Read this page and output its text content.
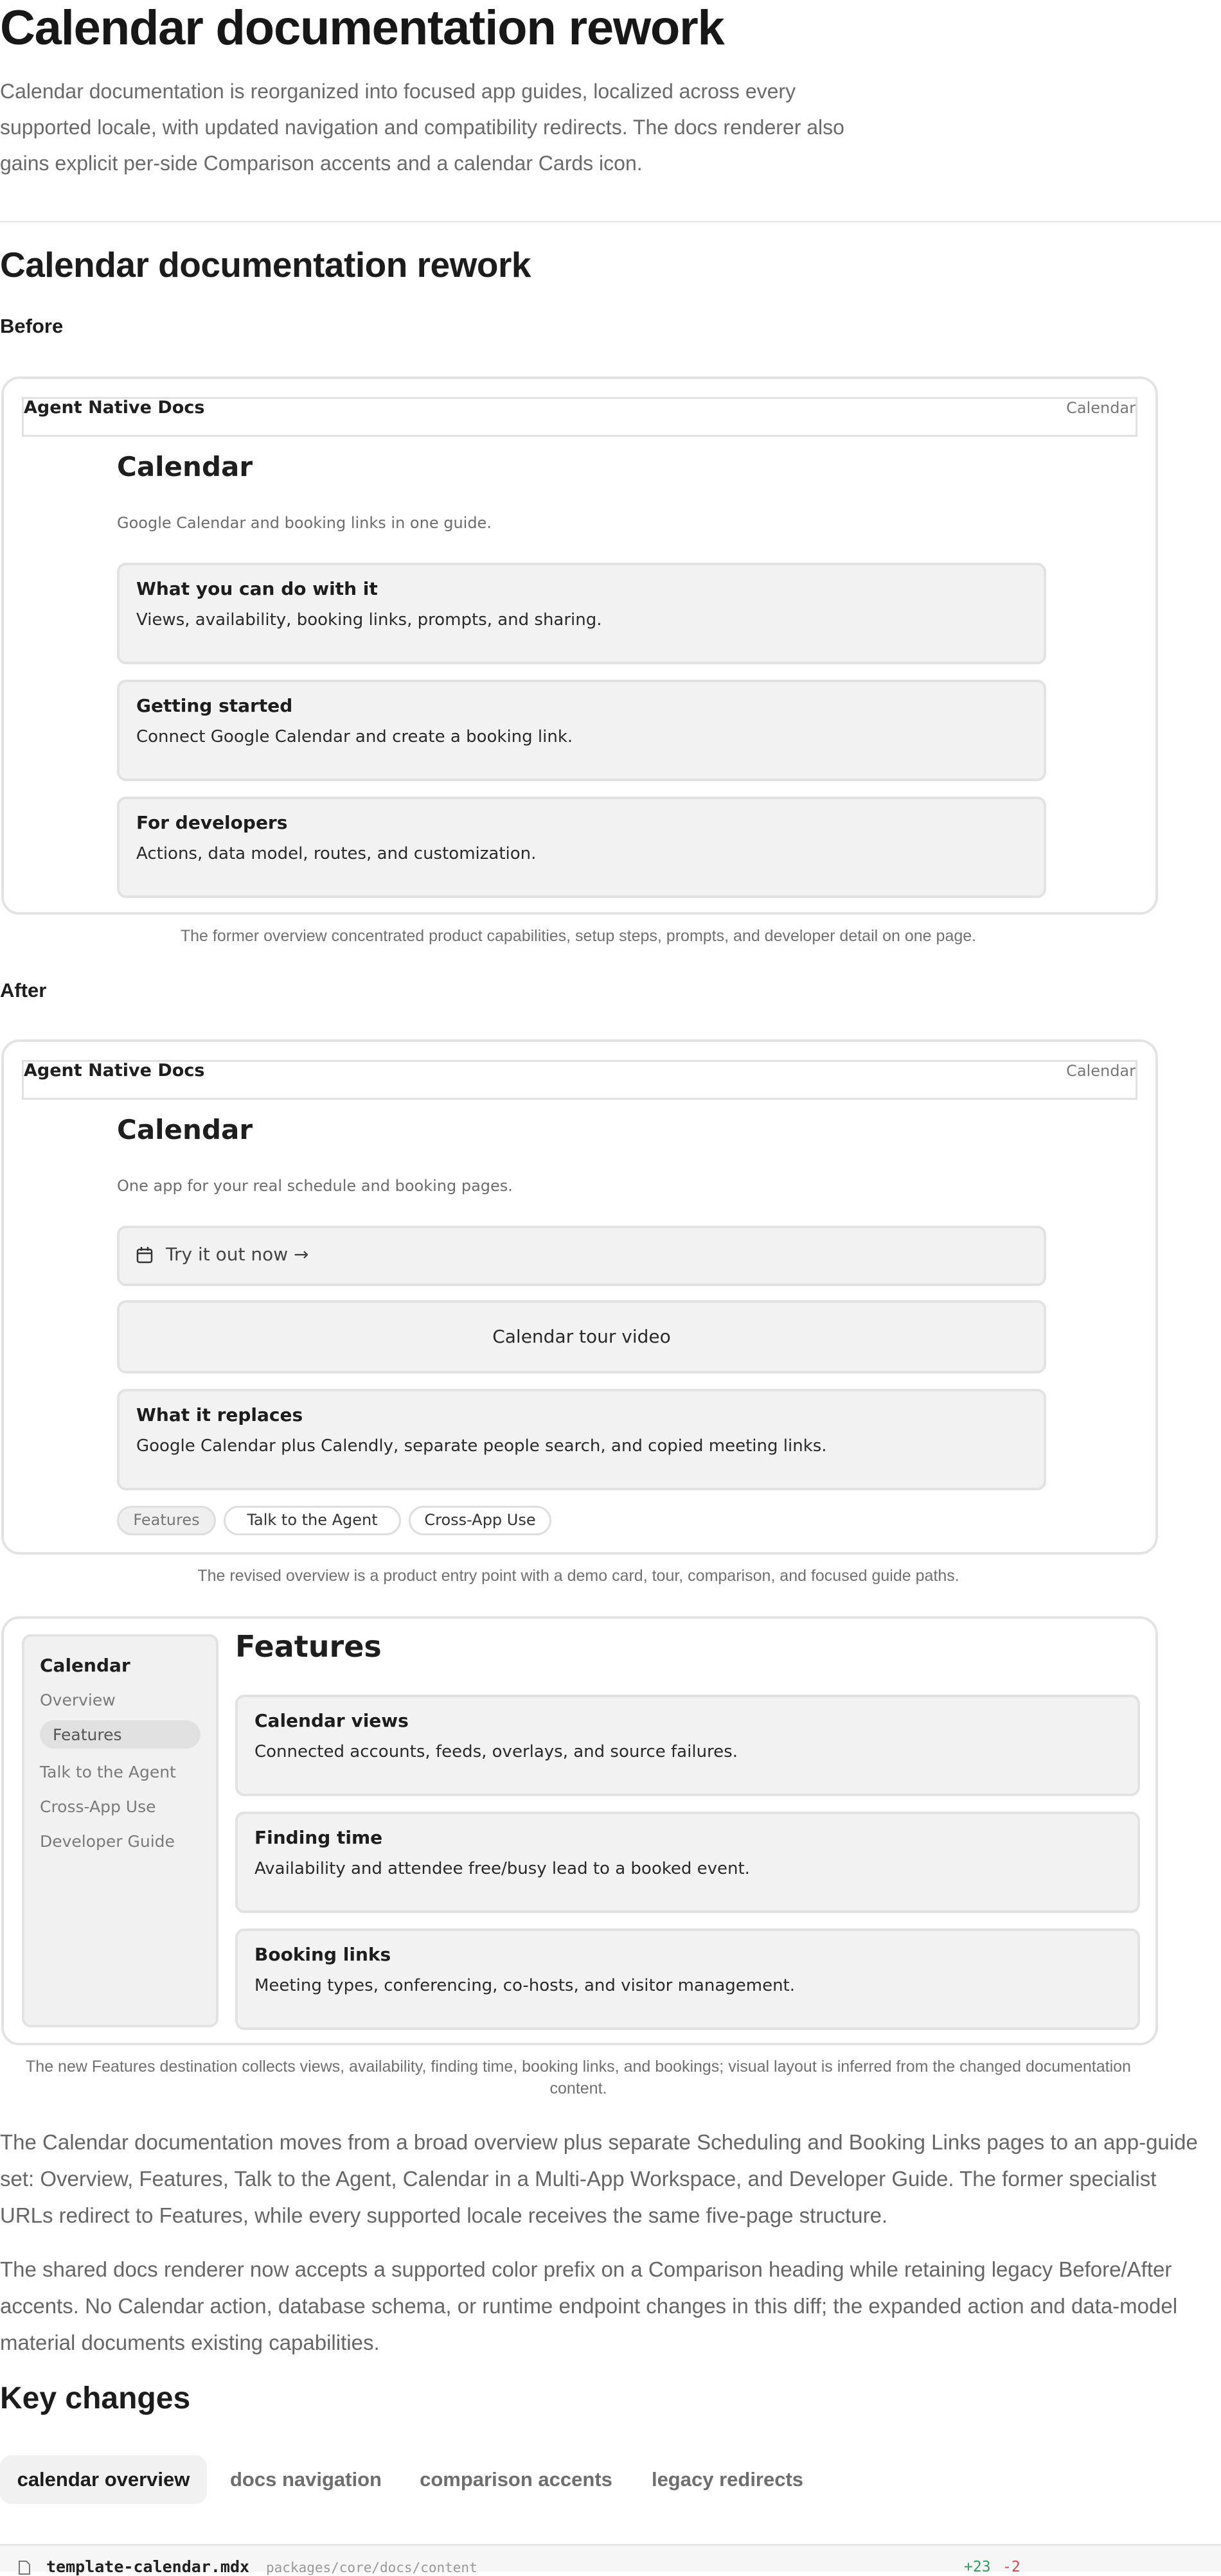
Calendar documentation rework
Calendar documentation is reorganized into focused app guides, localized across every supported locale, with updated navigation and compatibility redirects. The docs renderer also gains explicit per-side Comparison accents and a calendar Cards icon.
Calendar documentation rework
Before
Agent Native Docs	Calendar
Calendar
Google Calendar and booking links in one guide.
What you can do with it
Views, availability, booking links, prompts, and sharing.
Getting started
Connect Google Calendar and create a booking link.
For developers
Actions, data model, routes, and customization.
The former overview concentrated product capabilities, setup steps, prompts, and developer detail on one page.
After
Agent Native Docs	Calendar
Calendar
One app for your real schedule and booking pages.
Try it out now →
Calendar tour video
What it replaces
Google Calendar plus Calendly, separate people search, and copied meeting links.
Features	Talk to the Agent	Cross-App Use
The revised overview is a product entry point with a demo card, tour, comparison, and focused guide paths.
Calendar
Overview
Features
Talk to the Agent
Cross-App Use
Developer Guide
Features
Calendar views
Connected accounts, feeds, overlays, and source failures.
Finding time
Availability and attendee free/busy lead to a booked event.
Booking links
Meeting types, conferencing, co-hosts, and visitor management.
The new Features destination collects views, availability, finding time, booking links, and bookings; visual layout is inferred from the changed documentation content.
The Calendar documentation moves from a broad overview plus separate Scheduling and Booking Links pages to an app-guide set: Overview, Features, Talk to the Agent, Calendar in a Multi-App Workspace, and Developer Guide. The former specialist URLs redirect to Features, while every supported locale receives the same five-page structure.
The shared docs renderer now accepts a supported color prefix on a Comparison heading while retaining legacy Before/After accents. No Calendar action, database schema, or runtime endpoint changes in this diff; the expanded action and data-model material documents existing capabilities.
Key changes
calendar overview	docs navigation	comparison accents	legacy redirects
template-calendar.mdx packages/core/docs/content	+23 -2
